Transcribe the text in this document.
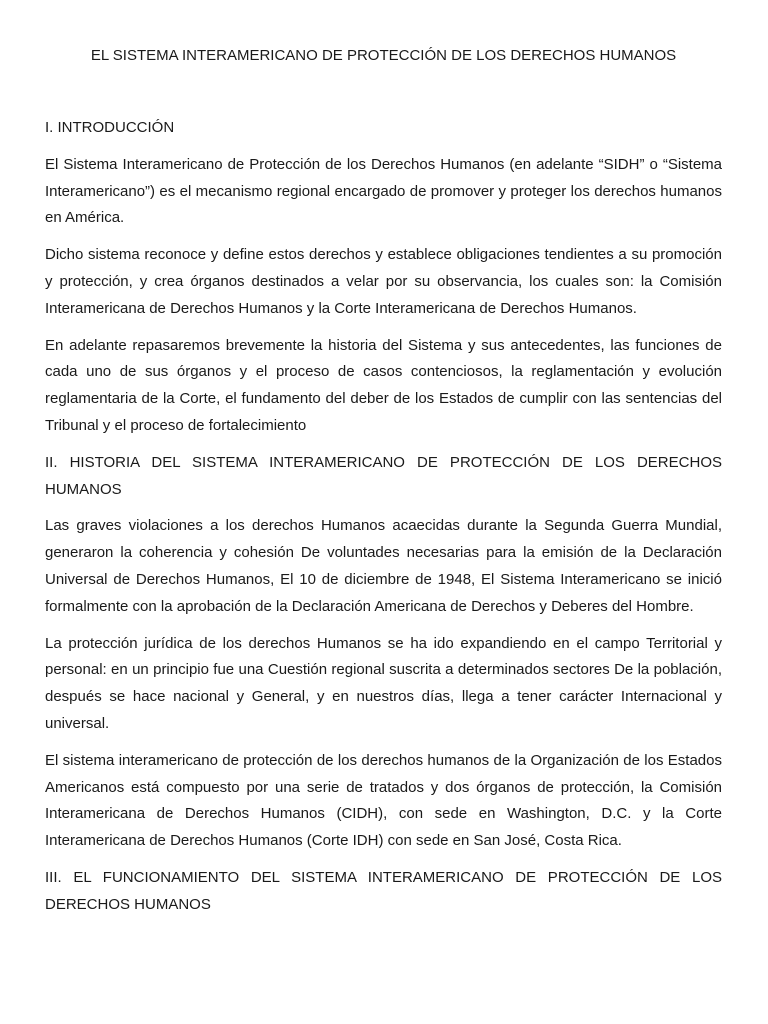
EL SISTEMA INTERAMERICANO DE PROTECCIÓN DE LOS DERECHOS HUMANOS

I. INTRODUCCIÓN

El Sistema Interamericano de Protección de los Derechos Humanos (en adelante “SIDH” o “Sistema Interamericano”) es el mecanismo regional encargado de promover y proteger los derechos humanos en América.

Dicho sistema reconoce y define estos derechos y establece obligaciones tendientes a su promoción y protección, y crea órganos destinados a velar por su observancia, los cuales son: la Comisión Interamericana de Derechos Humanos y la Corte Interamericana de Derechos Humanos.

En adelante repasaremos brevemente la historia del Sistema y sus antecedentes, las funciones de cada uno de sus órganos y el proceso de casos contenciosos, la reglamentación y evolución reglamentaria de la Corte, el fundamento del deber de los Estados de cumplir con las sentencias del Tribunal y el proceso de fortalecimiento

II. HISTORIA DEL SISTEMA INTERAMERICANO DE PROTECCIÓN DE LOS DERECHOS HUMANOS

Las graves violaciones a los derechos Humanos acaecidas durante la Segunda Guerra Mundial, generaron la coherencia y cohesión De voluntades necesarias para la emisión de la Declaración Universal de Derechos Humanos, El 10 de diciembre de 1948, El Sistema Interamericano se inició formalmente con la aprobación de la Declaración Americana de Derechos y Deberes del Hombre.

La protección jurídica de los derechos Humanos se ha ido expandiendo en el campo Territorial y personal: en un principio fue una Cuestión regional suscrita a determinados sectores De la población, después se hace nacional y General, y en nuestros días, llega a tener carácter Internacional y universal.

El sistema interamericano de protección de los derechos humanos de la Organización de los Estados Americanos está compuesto por una serie de tratados y dos órganos de protección, la Comisión Interamericana de Derechos Humanos (CIDH), con sede en Washington, D.C. y la Corte Interamericana de Derechos Humanos (Corte IDH) con sede en San José, Costa Rica.

III. EL FUNCIONAMIENTO DEL SISTEMA INTERAMERICANO DE PROTECCIÓN DE LOS DERECHOS HUMANOS
